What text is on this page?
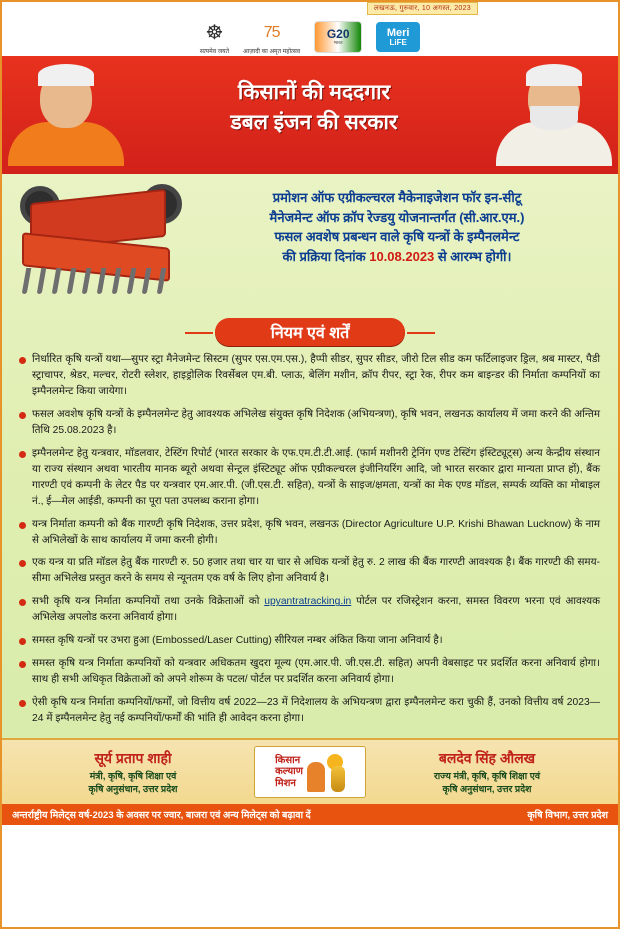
लखनऊ, गुरुवार, 10 अगस्त, 2023
☸
सत्यमेव जयते
75
आज़ादी का अमृत महोत्सव
G20
भारत
Meri
LiFE
किसानों की मददगार
डबल इंजन की सरकार
प्रमोशन ऑफ एग्रीकल्चरल मैकेनाइजेशन फॉर इन-सीटू
मैनेजमेन्ट ऑफ क्रॉप रेज्डयु योजनान्तर्गत (सी.आर.एम.)
फसल अवशेष प्रबन्धन वाले कृषि यन्त्रों के इम्पैनलमेन्ट
की प्रक्रिया दिनांक 10.08.2023 से आरम्भ होगी।
नियम एवं शर्तें
निर्धारित कृषि यन्त्रों यथा—सुपर स्ट्रा मैनेजमेन्ट सिस्टम (सुपर एस.एम.एस.), हैप्पी सीडर, सुपर सीडर, जीरो टिल सीड कम फर्टिलाइजर ड्रिल, श्रब मास्टर, पैडी स्ट्राचापर, श्रेडर, मल्चर, रोटरी स्लेशर, हाइड्रोलिक रिवर्सेबल एम.बी. प्लाऊ, बेलिंग मशीन, क्रॉप रीपर, स्ट्रा रेक, रीपर कम बाइन्डर की निर्माता कम्पनियों का इम्पैनलमेन्ट किया जायेगा।
फसल अवशेष कृषि यन्त्रों के इम्पैनलमेन्ट हेतु आवश्यक अभिलेख संयुक्त कृषि निदेशक (अभियन्त्रण), कृषि भवन, लखनऊ कार्यालय में जमा करने की अन्तिम तिथि 25.08.2023 है।
इम्पैनलमेन्ट हेतु यन्त्रवार, मॉडलवार, टेस्टिंग रिपोर्ट (भारत सरकार के एफ.एम.टी.टी.आई. (फार्म मशीनरी ट्रेनिंग एण्ड टेस्टिंग इंस्टिट्यूट्स) अन्य केन्द्रीय संस्थान या राज्य संस्थान अथवा भारतीय मानक ब्यूरो अथवा सेन्ट्रल इंस्टिट्यूट ऑफ एग्रीकल्चरल इंजीनियरिंग आदि, जो भारत सरकार द्वारा मान्यता प्राप्त हों), बैंक गारण्टी एवं कम्पनी के लेटर पैड पर यन्त्रवार एम.आर.पी. (जी.एस.टी. सहित), यन्त्रों के साइज/क्षमता, यन्त्रों का मेक एण्ड मॉडल, सम्पर्क व्यक्ति का मोबाइल नं., ई—मेल आईडी, कम्पनी का पूरा पता उपलब्ध कराना होगा।
यन्त्र निर्माता कम्पनी को बैंक गारण्टी कृषि निदेशक, उत्तर प्रदेश, कृषि भवन, लखनऊ (Director Agriculture U.P. Krishi Bhawan Lucknow) के नाम से अभिलेखों के साथ कार्यालय में जमा करनी होगी।
एक यन्त्र या प्रति मॉडल हेतु बैंक गारण्टी रु. 50 हजार तथा चार या चार से अधिक यन्त्रों हेतु रु. 2 लाख की बैंक गारण्टी आवश्यक है। बैंक गारण्टी की समय-सीमा अभिलेख प्रस्तुत करने के समय से न्यूनतम एक वर्ष के लिए होना अनिवार्य है।
सभी कृषि यन्त्र निर्माता कम्पनियों तथा उनके विक्रेताओं को upyantratracking.in पोर्टल पर रजिस्ट्रेशन करना, समस्त विवरण भरना एवं आवश्यक अभिलेख अपलोड करना अनिवार्य होगा।
समस्त कृषि यन्त्रों पर उभरा हुआ (Embossed/Laser Cutting) सीरियल नम्बर अंकित किया जाना अनिवार्य है।
समस्त कृषि यन्त्र निर्माता कम्पनियों को यन्त्रवार अधिकतम खुदरा मूल्य (एम.आर.पी. जी.एस.टी. सहित) अपनी वेबसाइट पर प्रदर्शित करना अनिवार्य होगा। साथ ही सभी अधिकृत विक्रेताओं को अपने शोरूम के पटल/ पोर्टल पर प्रदर्शित करना अनिवार्य होगा।
ऐसी कृषि यन्त्र निर्माता कम्पनियों/फर्मों, जो वित्तीय वर्ष 2022—23 में निदेशालय के अभियन्त्रण द्वारा इम्पैनलमेन्ट करा चुकी हैं, उनको वित्तीय वर्ष 2023—24 में इम्पैनलमेन्ट हेतु नई कम्पनियों/फर्मों की भांति ही आवेदन करना होगा।
सूर्य प्रताप शाही
मंत्री, कृषि, कृषि शिक्षा एवं
कृषि अनुसंधान, उत्तर प्रदेश
किसान
कल्याण
मिशन
बलदेव सिंह औलख
राज्य मंत्री, कृषि, कृषि शिक्षा एवं
कृषि अनुसंधान, उत्तर प्रदेश
अन्तर्राष्ट्रीय मिलेट्स वर्ष-2023 के अवसर पर ज्वार, बाजरा एवं अन्य मिलेट्स को बढ़ावा दें	कृषि विभाग, उत्तर प्रदेश
